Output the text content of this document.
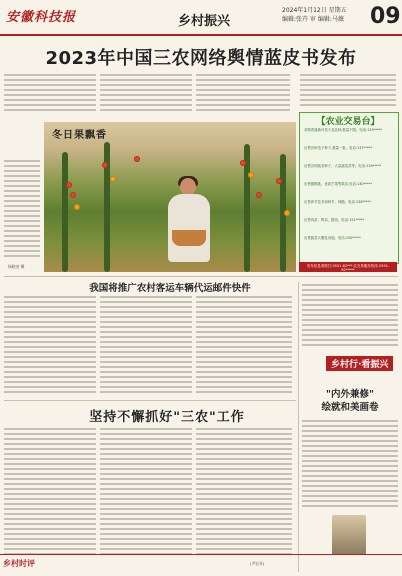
安徽科技报	乡村振兴
2024年1月12日 星期五
编辑:张卉 审 编辑:马薇 09
2023年中国三农网络舆情蓝皮书发布
冬日果飘香
杨晓亮 摄
【农业交易台】
求购普通桑叶苗子及品种,数量不限。电话:135*****
出售各种瓜子种子,数量一批。电话:137*****
出售各种蔬菜种子、大量蔬菜苗等。电话:139*****
出售猕猴桃、优质芒果等果苗,电话:130*****
出售养羊技术和种羊、种鹅。电话:138*****
出售鸡苗、鸭苗、鹅苗。电话:151*****
出售蔬菜大棚及设施。电话:150*****
发布信息请拨打:0551-62*** 农交易服务热线 0551-62*****
我国将推广农村客运车辆代运邮件快件
坚持不懈抓好"三农"工作
乡村行·看振兴
"内外兼修"
绘就和美画卷
乡村时评	(尹宏亚)
